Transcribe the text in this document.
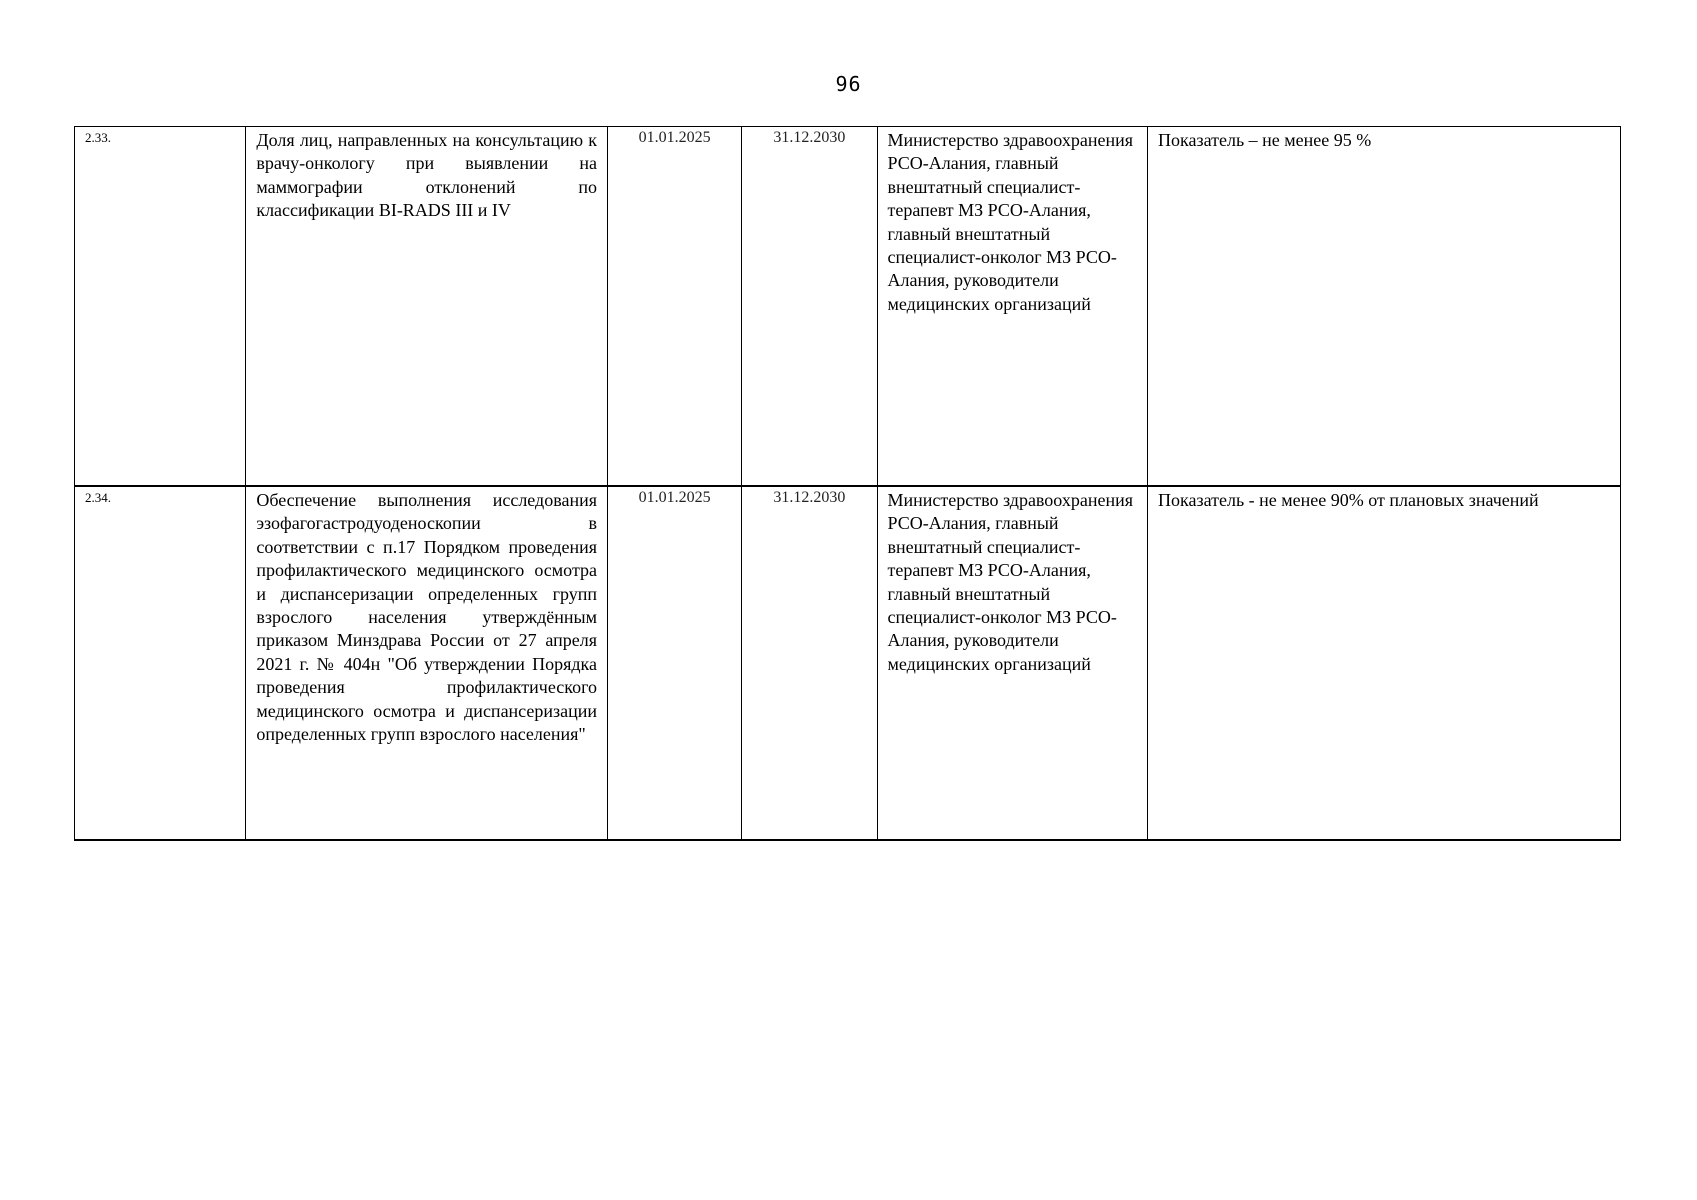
96
2.33.	Доля лиц, направленных на консультацию к врачу-онкологу при выявлении на маммографии отклонений по классификации BI-RADS III и IV	01.01.2025	31.12.2030	Министерство здравоохранения РСО-Алания, главный внештатный специалист-терапевт МЗ РСО-Алания, главный внештатный специалист-онколог МЗ РСО-Алания, руководители медицинских организаций	Показатель – не менее 95 %

2.34.	Обеспечение выполнения исследования эзофагогастродуоденоскопии в соответствии с п.17 Порядком проведения профилактического медицинского осмотра и диспансеризации определенных групп взрослого населения утверждённым приказом Минздрава России от 27 апреля 2021 г. № 404н "Об утверждении Порядка проведения профилактического медицинского осмотра и диспансеризации определенных групп взрослого населения"	01.01.2025	31.12.2030	Министерство здравоохранения РСО-Алания, главный внештатный специалист-терапевт МЗ РСО-Алания, главный внештатный специалист-онколог МЗ РСО-Алания, руководители медицинских организаций	Показатель - не менее 90% от плановых значений
